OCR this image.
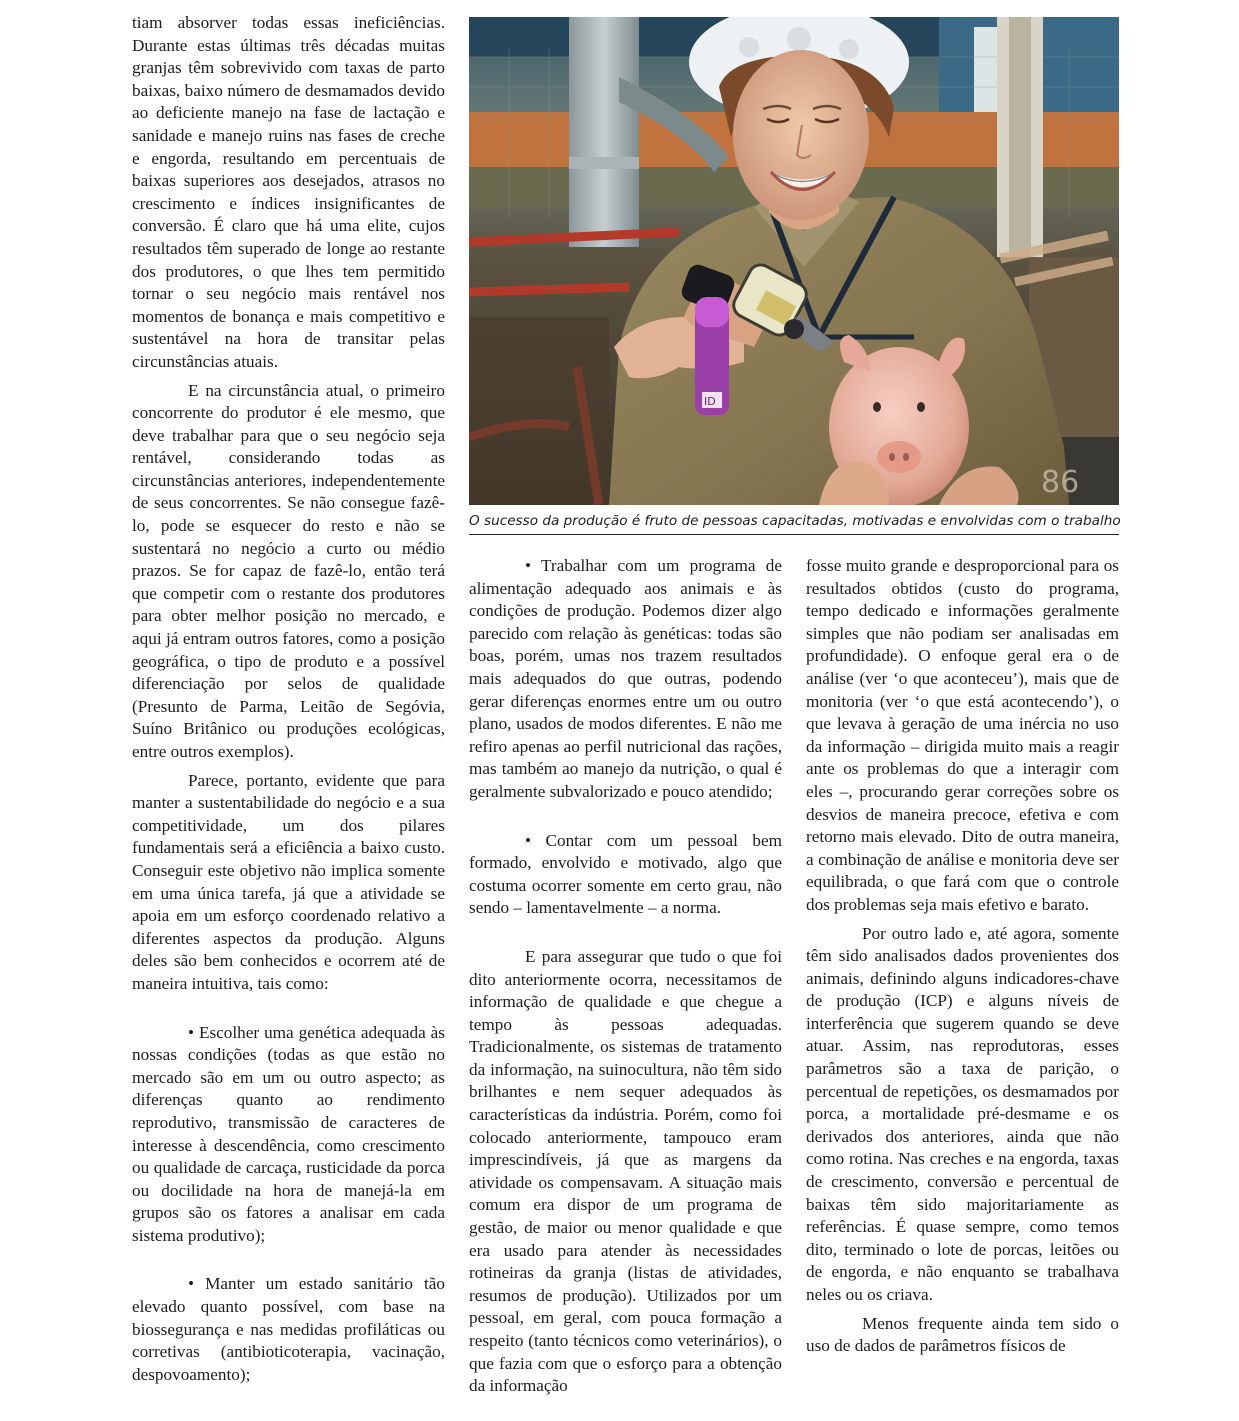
tiam absorver todas essas ineficiências. Durante estas últimas três décadas muitas granjas têm sobrevivido com taxas de parto baixas, baixo número de desmamados devido ao deficiente manejo na fase de lactação e sanidade e manejo ruins nas fases de creche e engorda, resultando em percentuais de baixas superiores aos desejados, atrasos no crescimento e índices insignificantes de conversão. É claro que há uma elite, cujos resultados têm superado de longe ao restante dos produtores, o que lhes tem permitido tornar o seu negócio mais rentável nos momentos de bonança e mais competitivo e sustentável na hora de transitar pelas circunstâncias atuais.

E na circunstância atual, o primeiro concorrente do produtor é ele mesmo, que deve trabalhar para que o seu negócio seja rentável, considerando todas as circunstâncias anteriores, independentemente de seus concorrentes. Se não consegue fazê-lo, pode se esquecer do resto e não se sustentará no negócio a curto ou médio prazos. Se for capaz de fazê-lo, então terá que competir com o restante dos produtores para obter melhor posição no mercado, e aqui já entram outros fatores, como a posição geográfica, o tipo de produto e a possível diferenciação por selos de qualidade (Presunto de Parma, Leitão de Segóvia, Suíno Britânico ou produções ecológicas, entre outros exemplos).

Parece, portanto, evidente que para manter a sustentabilidade do negócio e a sua competitividade, um dos pilares fundamentais será a eficiência a baixo custo. Conseguir este objetivo não implica somente em uma única tarefa, já que a atividade se apoia em um esforço coordenado relativo a diferentes aspectos da produção. Alguns deles são bem conhecidos e ocorrem até de maneira intuitiva, tais como:

• Escolher uma genética adequada às nossas condições (todas as que estão no mercado são em um ou outro aspecto; as diferenças quanto ao rendimento reprodutivo, transmissão de caracteres de interesse à descendência, como crescimento ou qualidade de carcaça, rusticidade da porca ou docilidade na hora de manejá-la em grupos são os fatores a analisar em cada sistema produtivo);

• Manter um estado sanitário tão elevado quanto possível, com base na biossegurança e nas medidas profiláticas ou corretivas (antibioticoterapia, vacinação, despovoamento);

ID
86
O sucesso da produção é fruto de pessoas capacitadas, motivadas e envolvidas com o trabalho

• Trabalhar com um programa de alimentação adequado aos animais e às condições de produção. Podemos dizer algo parecido com relação às genéticas: todas são boas, porém, umas nos trazem resultados mais adequados do que outras, podendo gerar diferenças enormes entre um ou outro plano, usados de modos diferentes. E não me refiro apenas ao perfil nutricional das rações, mas também ao manejo da nutrição, o qual é geralmente subvalorizado e pouco atendido;

• Contar com um pessoal bem formado, envolvido e motivado, algo que costuma ocorrer somente em certo grau, não sendo – lamentavelmente – a norma.

E para assegurar que tudo o que foi dito anteriormente ocorra, necessitamos de informação de qualidade e que chegue a tempo às pessoas adequadas. Tradicionalmente, os sistemas de tratamento da informação, na suinocultura, não têm sido brilhantes e nem sequer adequados às características da indústria. Porém, como foi colocado anteriormente, tampouco eram imprescindíveis, já que as margens da atividade os compensavam. A situação mais comum era dispor de um programa de gestão, de maior ou menor qualidade e que era usado para atender às necessidades rotineiras da granja (listas de atividades, resumos de produção). Utilizados por um pessoal, em geral, com pouca formação a respeito (tanto técnicos como veterinários), o que fazia com que o esforço para a obtenção da informação

fosse muito grande e desproporcional para os resultados obtidos (custo do programa, tempo dedicado e informações geralmente simples que não podiam ser analisadas em profundidade). O enfoque geral era o de análise (ver ‘o que aconteceu’), mais que de monitoria (ver ‘o que está acontecendo’), o que levava à geração de uma inércia no uso da informação – dirigida muito mais a reagir ante os problemas do que a interagir com eles –, procurando gerar correções sobre os desvios de maneira precoce, efetiva e com retorno mais elevado. Dito de outra maneira, a combinação de análise e monitoria deve ser equilibrada, o que fará com que o controle dos problemas seja mais efetivo e barato.

Por outro lado e, até agora, somente têm sido analisados dados provenientes dos animais, definindo alguns indicadores-chave de produção (ICP) e alguns níveis de interferência que sugerem quando se deve atuar. Assim, nas reprodutoras, esses parâmetros são a taxa de parição, o percentual de repetições, os desmamados por porca, a mortalidade pré-desmame e os derivados dos anteriores, ainda que não como rotina. Nas creches e na engorda, taxas de crescimento, conversão e percentual de baixas têm sido majoritariamente as referências. É quase sempre, como temos dito, terminado o lote de porcas, leitões ou de engorda, e não enquanto se trabalhava neles ou os criava.

Menos frequente ainda tem sido o uso de dados de parâmetros físicos de
